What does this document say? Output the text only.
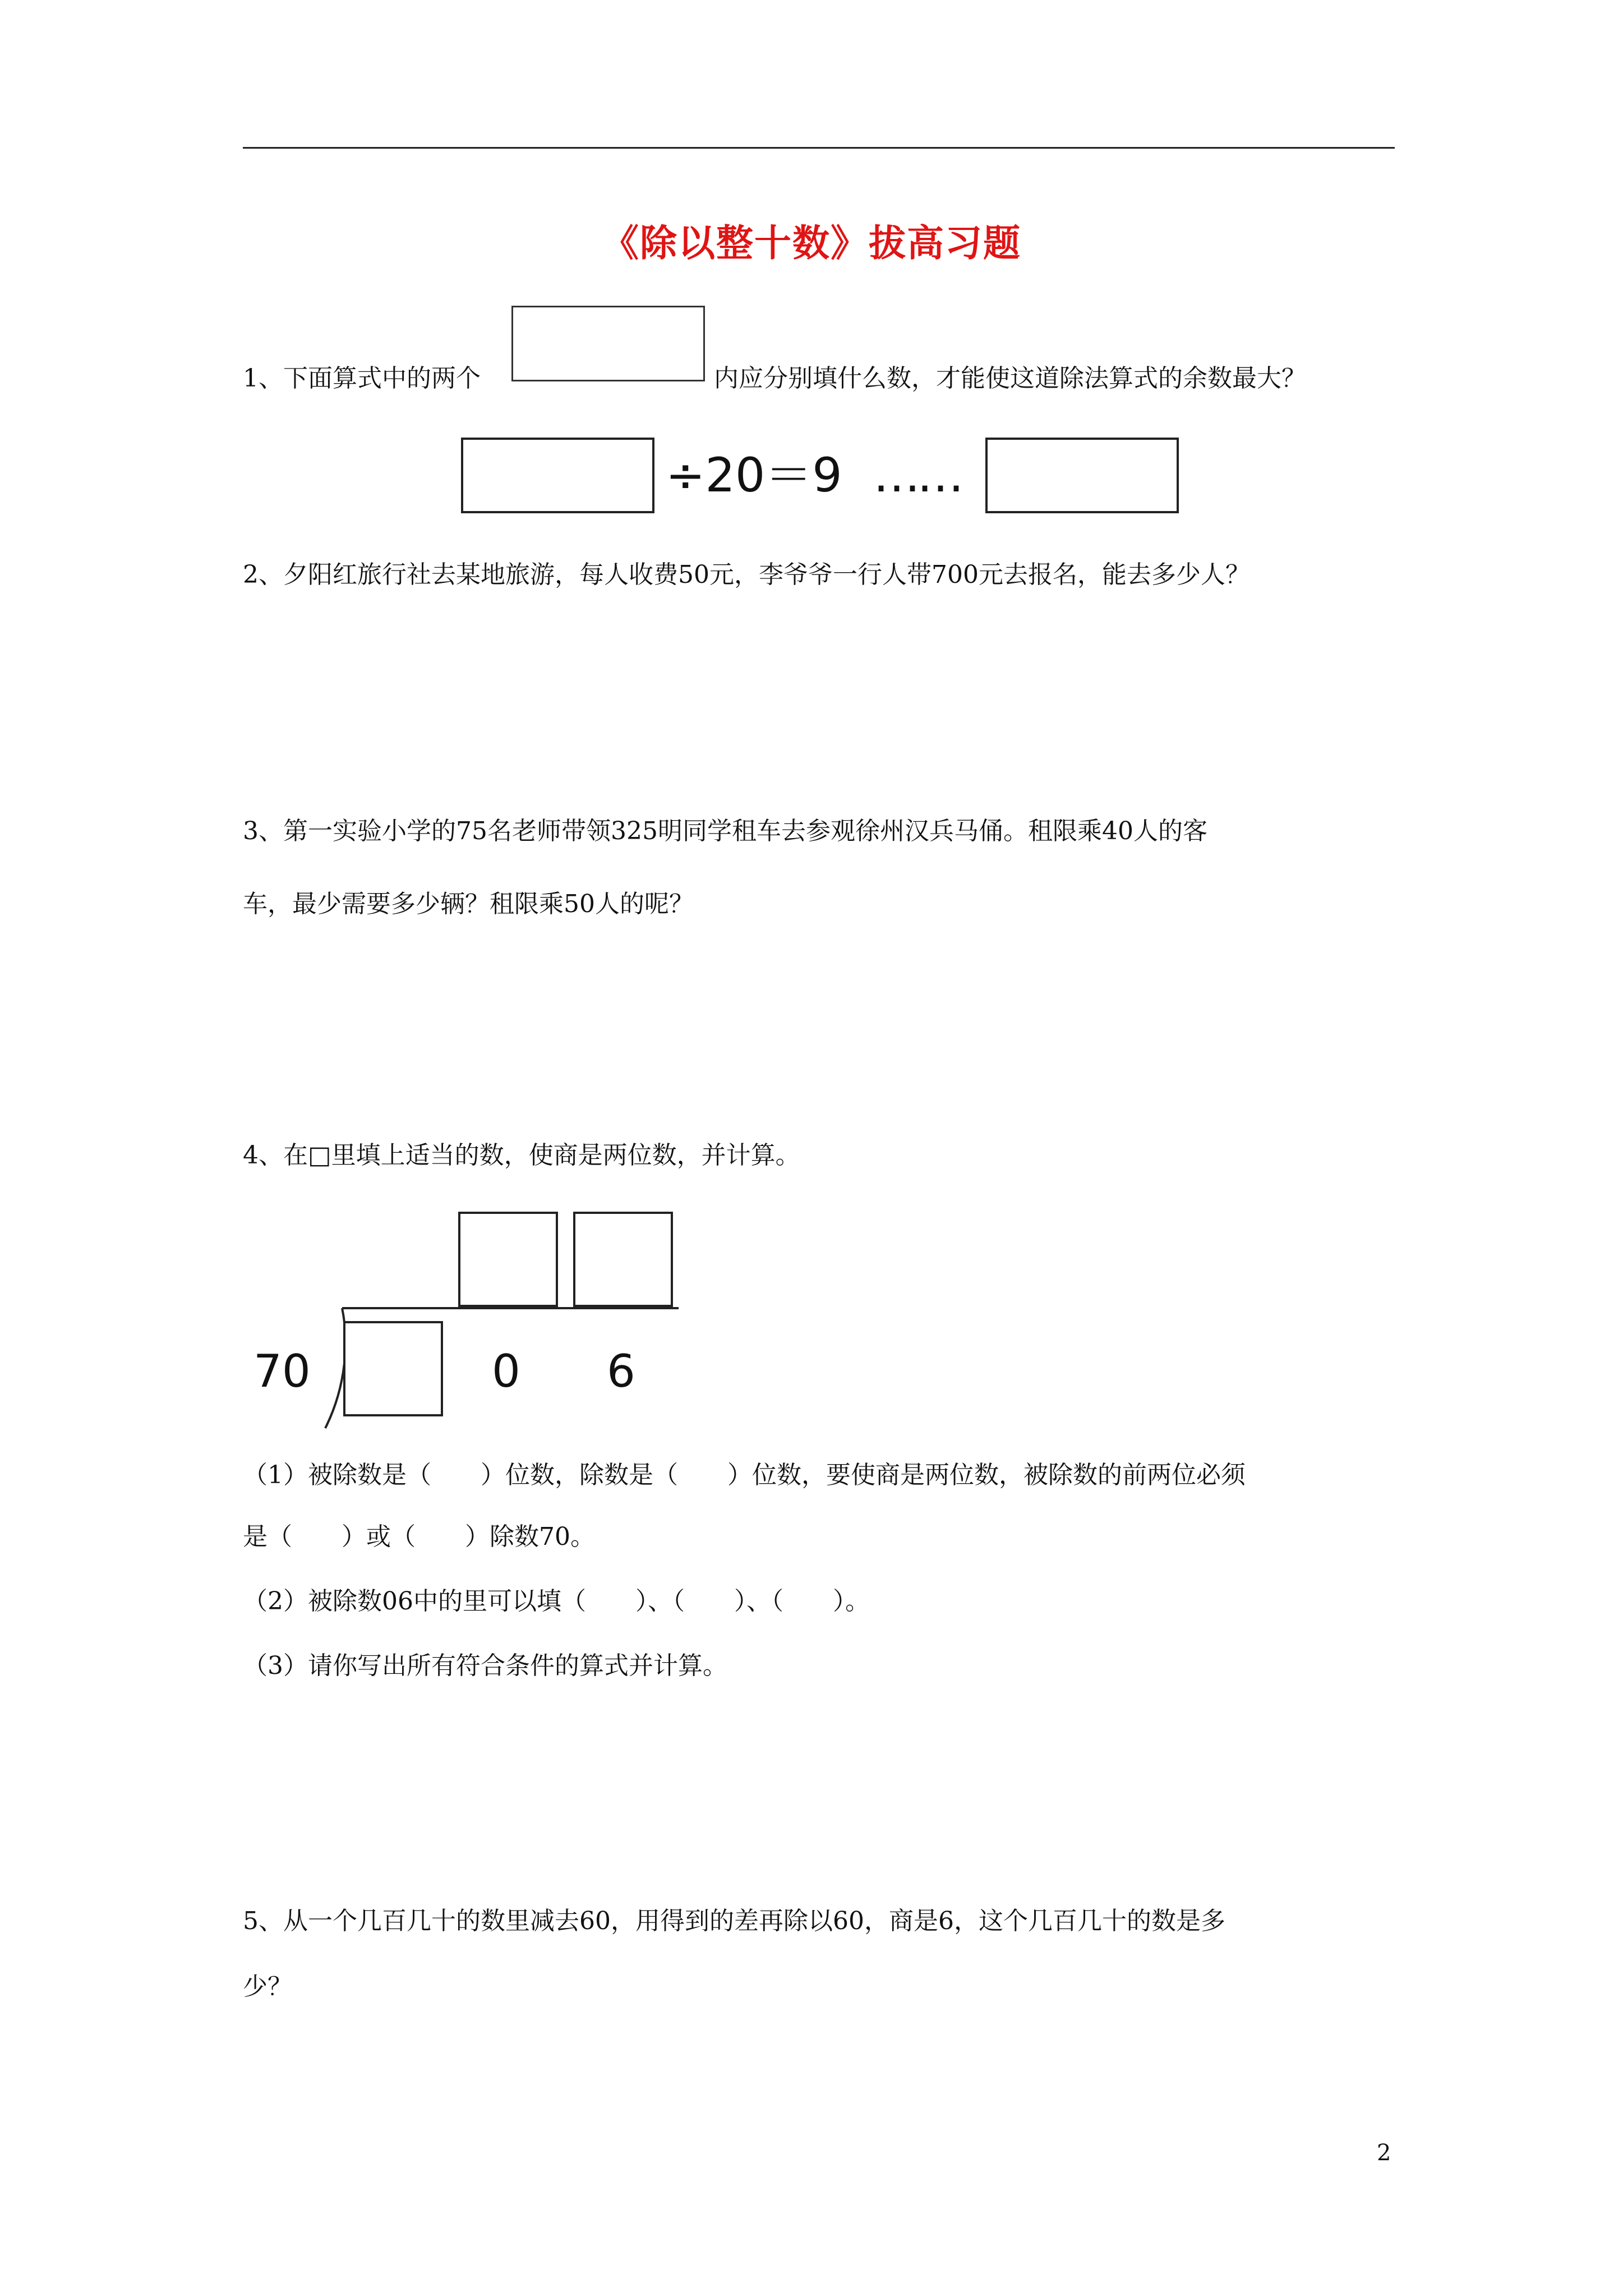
《除以整十数》拔高习题
1、下面算式中的两个	内应分别填什么数，才能使这道除法算式的余数最大？
÷20＝9 ……
2、夕阳红旅行社去某地旅游，每人收费50元，李爷爷一行人带700元去报名，能去多少人？
3、第一实验小学的75名老师带领325明同学租车去参观徐州汉兵马俑。租限乘40人的客
车，最少需要多少辆？租限乘50人的呢？
4、在□里填上适当的数，使商是两位数，并计算。
70	0 6
（1）被除数是（　　）位数，除数是（　　）位数，要使商是两位数，被除数的前两位必须
是（　　）或（　　）除数70。
（2）被除数06中的里可以填（　　）、（　　）、（　　）。
（3）请你写出所有符合条件的算式并计算。
5、从一个几百几十的数里减去60，用得到的差再除以60，商是6，这个几百几十的数是多
少？
2
